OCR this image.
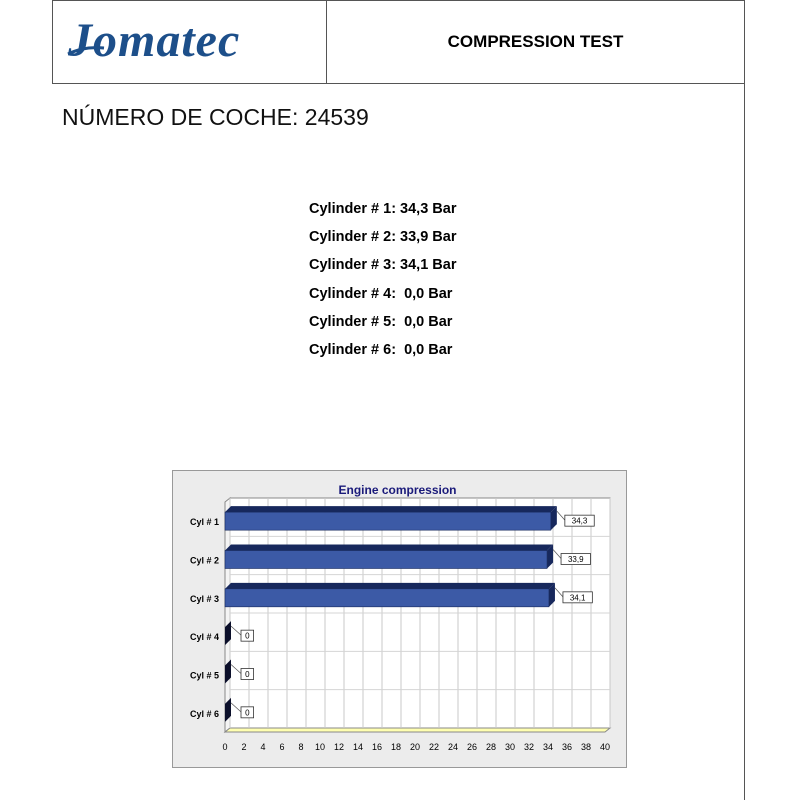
Jomatec	COMPRESSION TEST
NÚMERO DE COCHE: 24539
Cylinder # 1: 34,3 Bar
Cylinder # 2: 33,9 Bar
Cylinder # 3: 34,1 Bar
Cylinder # 4:  0,0 Bar
Cylinder # 5:  0,0 Bar
Cylinder # 6:  0,0 Bar
Engine compression
0 2 4 6 8 10 12 14 16 18 20 22 24 26 28 30 32 34 36 38 40
Cyl # 1	34,3
Cyl # 2	33,9
Cyl # 3	34,1
Cyl # 4	0
Cyl # 5	0
Cyl # 6	0
